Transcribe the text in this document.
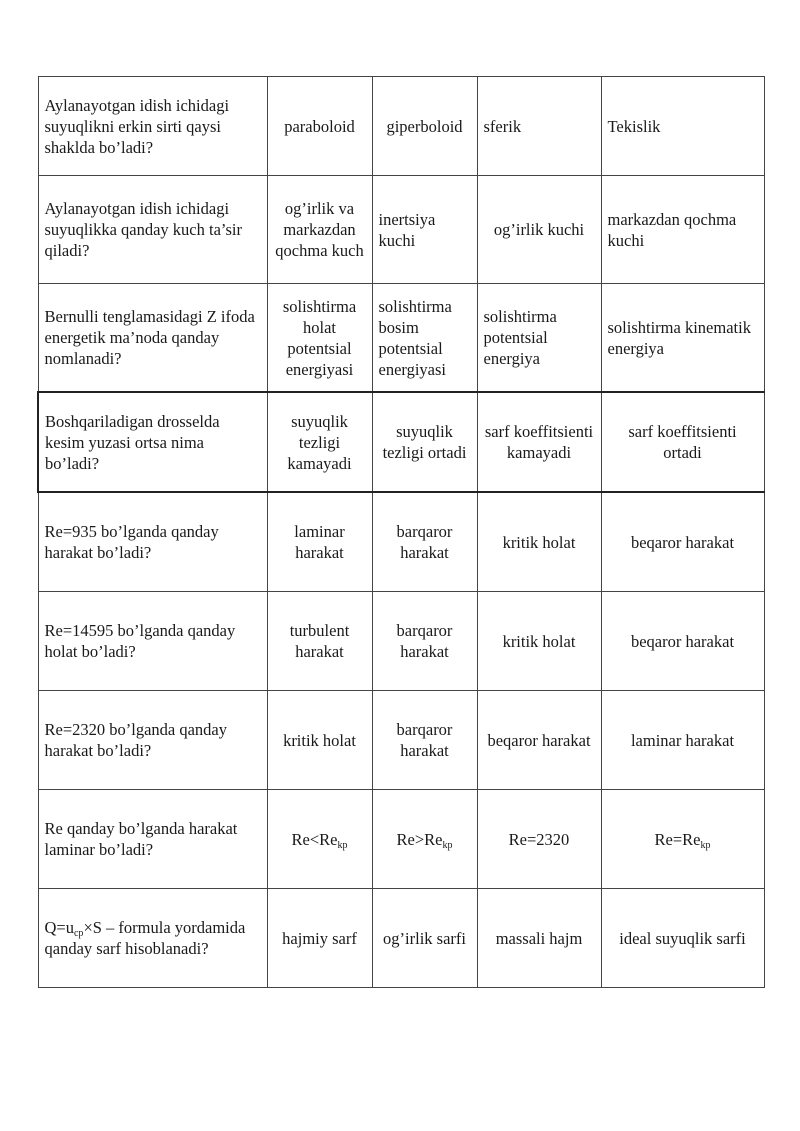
Aylanayotgan idish ichidagi suyuqlikni erkin sirti qaysi shaklda bo’ladi?	paraboloid	giperboloid	sferik	Tekislik
Aylanayotgan idish ichidagi suyuqlikka qanday kuch ta’sir qiladi?	og’irlik va markazdan qochma kuch	inertsiya kuchi	og’irlik kuchi	markazdan qochma kuchi
Bernulli tenglamasidagi Z ifoda energetik ma’noda qanday nomlanadi?	solishtirma holat potentsial energiyasi	solishtirma bosim potentsial energiyasi	solishtirma potentsial energiya	solishtirma kinematik energiya
Boshqariladigan drosselda kesim yuzasi ortsa nima bo’ladi?	suyuqlik tezligi kamayadi	suyuqlik tezligi ortadi	sarf koeffitsienti kamayadi	sarf koeffitsienti ortadi
Re=935 bo’lganda qanday harakat bo’ladi?	laminar harakat	barqaror harakat	kritik holat	beqaror harakat
Re=14595 bo’lganda qanday holat bo’ladi?	turbulent harakat	barqaror harakat	kritik holat	beqaror harakat
Re=2320 bo’lganda qanday harakat bo’ladi?	kritik holat	barqaror harakat	beqaror harakat	laminar harakat
Re qanday bo’lganda harakat laminar bo’ladi?	$Re<Re_{kp}$	$Re>Re_{kp}$	Re=2320	$Re=Re_{kp}$
$Q=u_{cp}\times S$ – formula yordamida qanday sarf hisoblanadi?	hajmiy sarf	og’irlik sarfi	massali hajm	ideal suyuqlik sarfi
